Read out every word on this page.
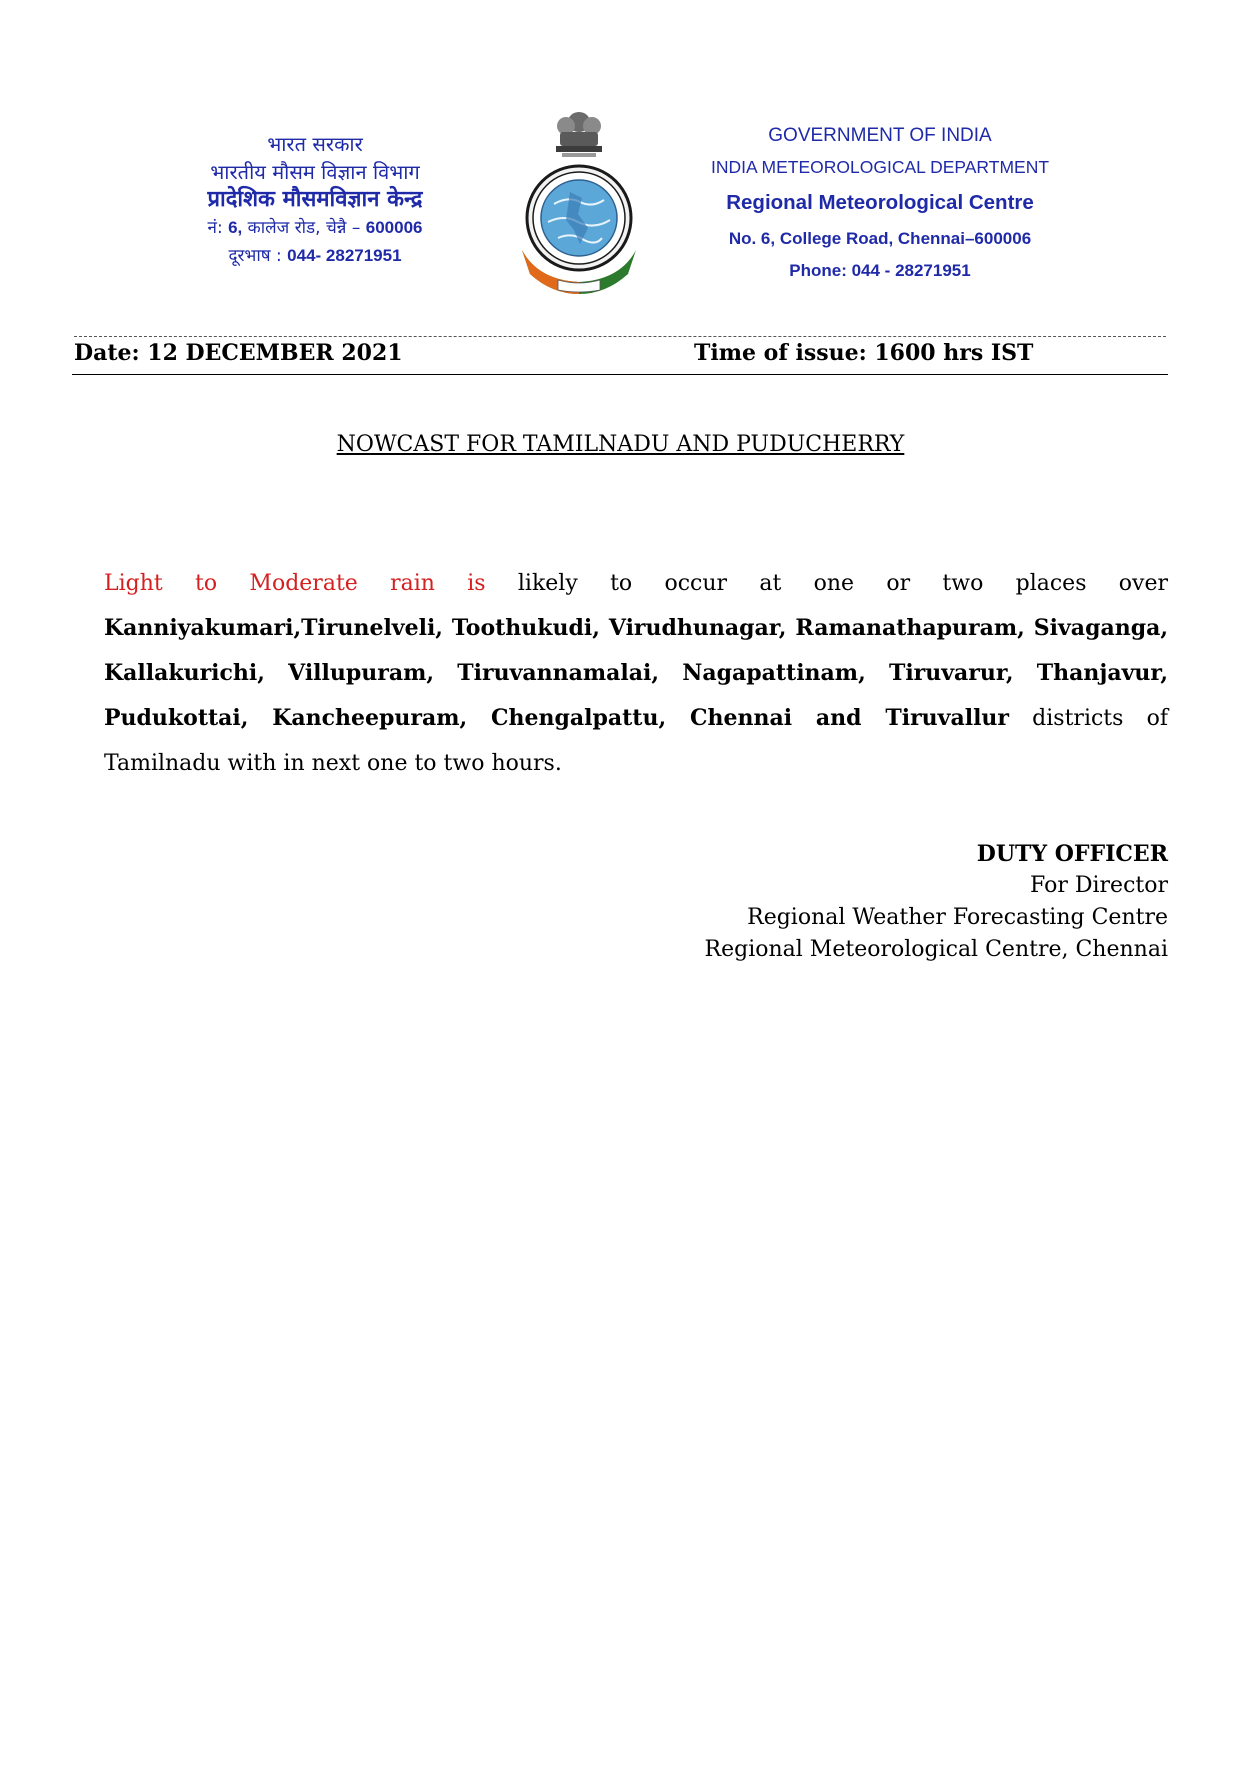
भारत सरकार
भारतीय मौसम विज्ञान विभाग
प्रादेशिक मौसमविज्ञान केन्द्र
नं: 6, कालेज रोड, चेन्नै – 600006
दूरभाष : 044- 28271951
GOVERNMENT OF INDIA
INDIA METEOROLOGICAL DEPARTMENT
Regional Meteorological Centre
No. 6, College Road, Chennai–600006
Phone: 044 - 28271951
Date: 12 DECEMBER 2021	Time of issue: 1600 hrs IST
NOWCAST FOR TAMILNADU AND PUDUCHERRY
Light to Moderate rain is likely to occur at one or two places over Kanniyakumari,Tirunelveli, Toothukudi, Virudhunagar, Ramanathapuram, Sivaganga, Kallakurichi, Villupuram, Tiruvannamalai, Nagapattinam, Tiruvarur, Thanjavur, Pudukottai, Kancheepuram, Chengalpattu, Chennai and Tiruvallur districts of Tamilnadu with in next one to two hours.
DUTY OFFICER
For Director
Regional Weather Forecasting Centre
Regional Meteorological Centre, Chennai
